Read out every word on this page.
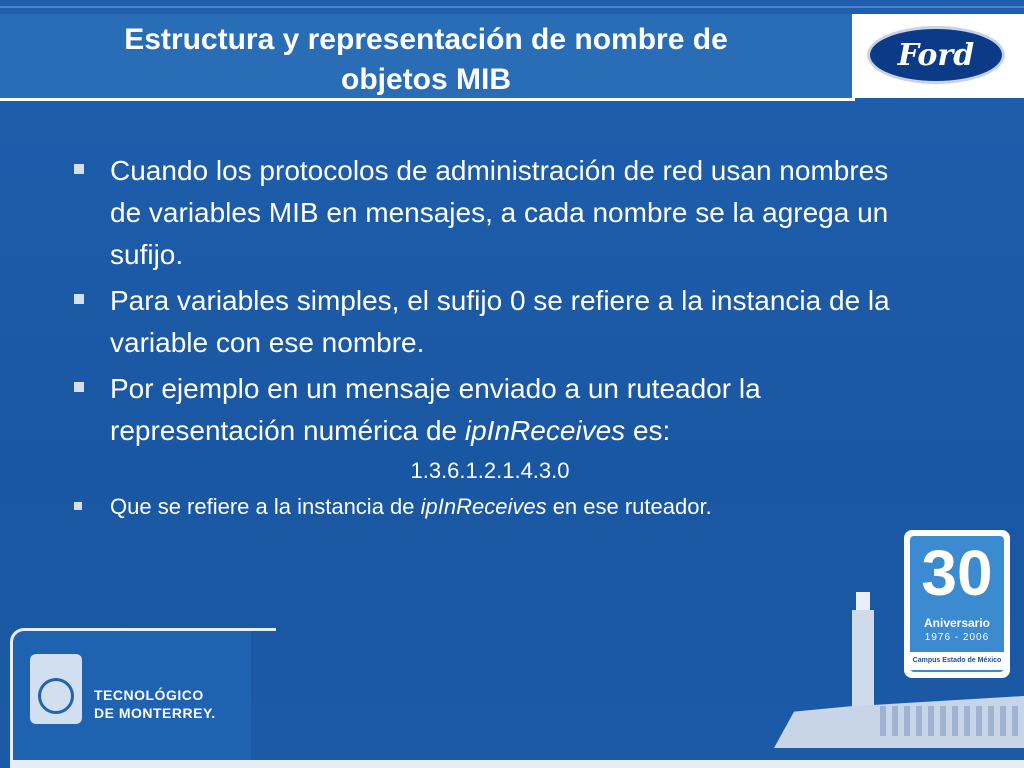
Estructura y representación de nombre de
objetos MIB
Ford
Cuando los protocolos de administración de red usan nombres de variables MIB en mensajes, a cada nombre se la agrega un sufijo.
Para variables simples, el sufijo 0 se refiere a la instancia de la variable con ese nombre.
Por ejemplo en un mensaje enviado a un ruteador la representación numérica de ipInReceives es:
1.3.6.1.2.1.4.3.0
Que se refiere a la instancia de ipInReceives en ese ruteador.
TECNOLÓGICO
DE MONTERREY.
30
Aniversario
1976 - 2006
Campus Estado de México
